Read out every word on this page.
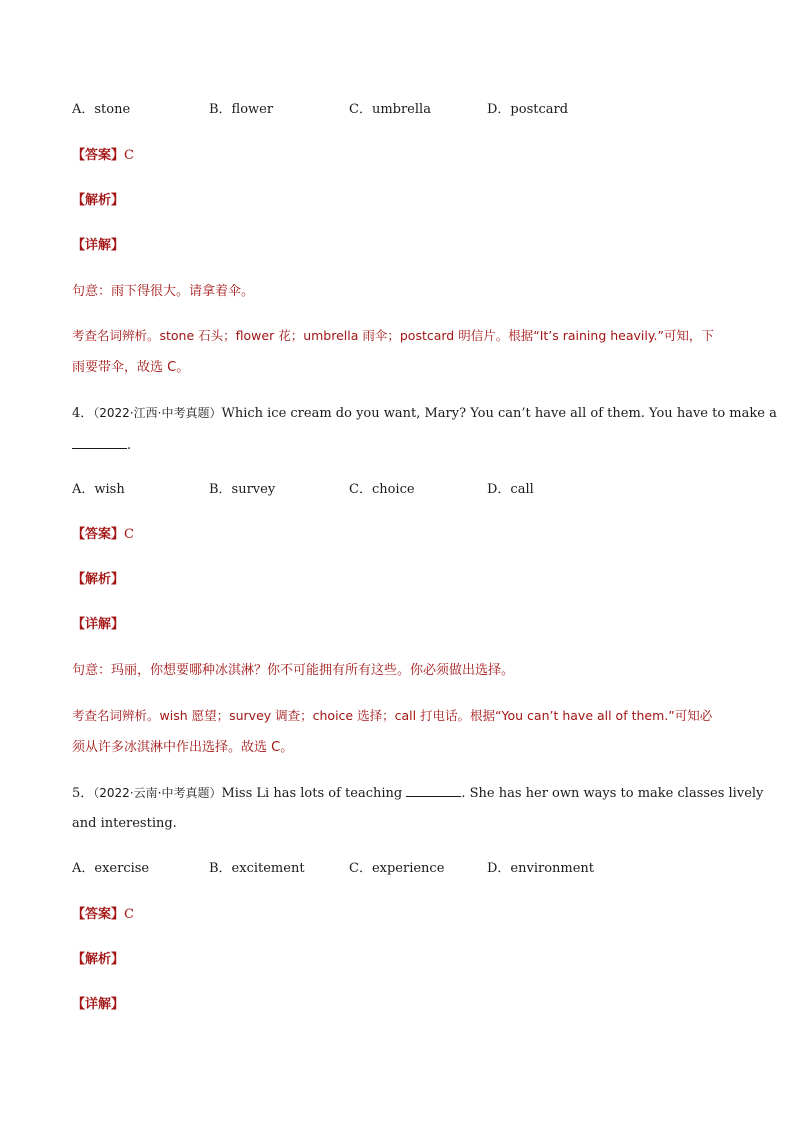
A．stone	B．flower	C．umbrella	D．postcard
【答案】C
【解析】
【详解】
句意：雨下得很大。请拿着伞。
考查名词辨析。stone 石头；flower 花；umbrella 雨伞；postcard 明信片。根据“It’s raining heavily.”可知，下
雨要带伞，故选 C。
4．（2022·江西·中考真题）Which ice cream do you want, Mary? You can’t have all of them. You have to make a
.
A．wish	B．survey	C．choice	D．call
【答案】C
【解析】
【详解】
句意：玛丽，你想要哪种冰淇淋？你不可能拥有所有这些。你必须做出选择。
考查名词辨析。wish 愿望；survey 调查；choice 选择；call 打电话。根据“You can’t have all of them.”可知必
须从许多冰淇淋中作出选择。故选 C。
5．（2022·云南·中考真题）Miss Li has lots of teaching	. She has her own ways to make classes lively
and interesting.
A．exercise	B．excitement	C．experience	D．environment
【答案】C
【解析】
【详解】
